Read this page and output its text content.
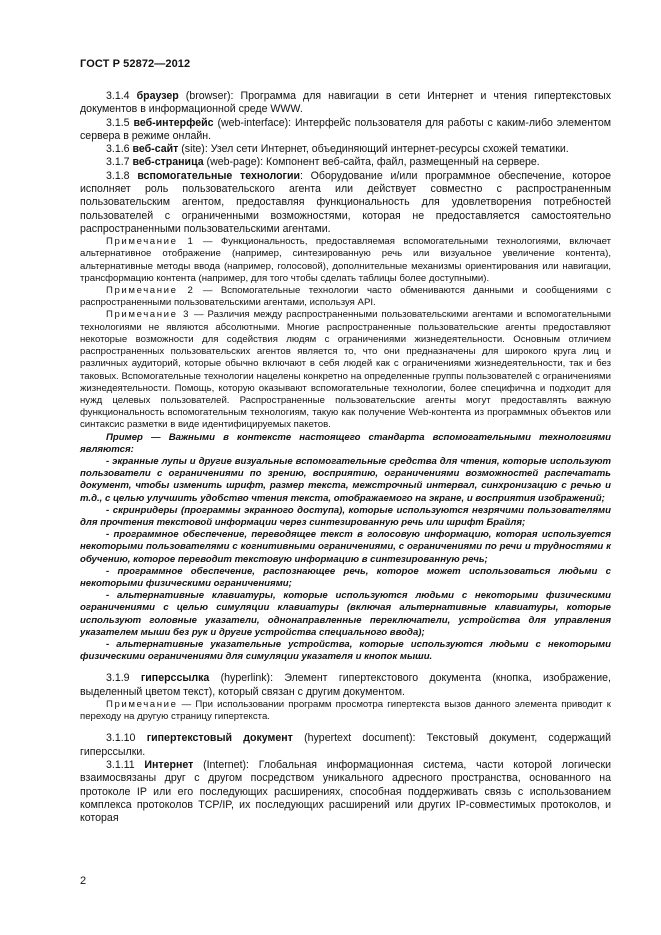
ГОСТ Р 52872—2012

3.1.4 браузер (browser): Программа для навигации в сети Интернет и чтения гипертекстовых документов в информационной среде WWW.

3.1.5 веб-интерфейс (web-interface): Интерфейс пользователя для работы с каким-либо элементом сервера в режиме онлайн.

3.1.6 веб-сайт (site): Узел сети Интернет, объединяющий интернет-ресурсы схожей тематики.

3.1.7 веб-страница (web-page): Компонент веб-сайта, файл, размещенный на сервере.

3.1.8 вспомогательные технологии: Оборудование и/или программное обеспечение, которое исполняет роль пользовательского агента или действует совместно с распространенным пользовательским агентом, предоставляя функциональность для удовлетворения потребностей пользователей с ограниченными возможностями, которая не предоставляется самостоятельно распространенными пользовательскими агентами.

Примечание 1 — Функциональность, предоставляемая вспомогательными технологиями, включает альтернативное отображение (например, синтезированную речь или визуальное увеличение контента), альтернативные методы ввода (например, голосовой), дополнительные механизмы ориентирования или навигации, трансформацию контента (например, для того чтобы сделать таблицы более доступными).

Примечание 2 — Вспомогательные технологии часто обмениваются данными и сообщениями с распространенными пользовательскими агентами, используя API.

Примечание 3 — Различия между распространенными пользовательскими агентами и вспомогательными технологиями не являются абсолютными. Многие распространенные пользовательские агенты предоставляют некоторые возможности для содействия людям с ограничениями жизнедеятельности. Основным отличием распространенных пользовательских агентов является то, что они предназначены для широкого круга лиц и различных аудиторий, которые обычно включают в себя людей как с ограничениями жизнедеятельности, так и без таковых. Вспомогательные технологии нацелены конкретно на определенные группы пользователей с ограничениями жизнедеятельности. Помощь, которую оказывают вспомогательные технологии, более специфична и подходит для нужд целевых пользователей. Распространенные пользовательские агенты могут предоставлять важную функциональность вспомогательным технологиям, такую как получение Web-контента из программных объектов или синтаксис разметки в виде идентифицируемых пакетов.

Пример — Важными в контексте настоящего стандарта вспомогательными технологиями являются:

- экранные лупы и другие визуальные вспомогательные средства для чтения, которые используют пользователи с ограничениями по зрению, восприятию, ограничениями возможностей распечатать документ, чтобы изменить шрифт, размер текста, межстрочный интервал, синхронизацию с речью и т.д., с целью улучшить удобство чтения текста, отображаемого на экране, и восприятия изображений;

- скринридеры (программы экранного доступа), которые используются незрячими пользователями для прочтения текстовой информации через синтезированную речь или шрифт Брайля;

- программное обеспечение, переводящее текст в голосовую информацию, которая используется некоторыми пользователями с когнитивными ограничениями, с ограничениями по речи и трудностями к обучению, которое переводит текстовую информацию в синтезированную речь;

- программное обеспечение, распознающее речь, которое может использоваться людьми с некоторыми физическими ограничениями;

- альтернативные клавиатуры, которые используются людьми с некоторыми физическими ограничениями с целью симуляции клавиатуры (включая альтернативные клавиатуры, которые используют головные указатели, однонаправленные переключатели, устройства для управления указателем мыши без рук и другие устройства специального ввода);

- альтернативные указательные устройства, которые используются людьми с некоторыми физическими ограничениями для симуляции указателя и кнопок мыши.

3.1.9 гиперссылка (hyperlink): Элемент гипертекстового документа (кнопка, изображение, выделенный цветом текст), который связан с другим документом.

Примечание — При использовании программ просмотра гипертекста вызов данного элемента приводит к переходу на другую страницу гипертекста.

3.1.10 гипертекстовый документ (hypertext document): Текстовый документ, содержащий гиперссылки.

3.1.11 Интернет (Internet): Глобальная информационная система, части которой логически взаимосвязаны друг с другом посредством уникального адресного пространства, основанного на протоколе IP или его последующих расширениях, способная поддерживать связь с использованием комплекса протоколов TCP/IP, их последующих расширений или других IP-совместимых протоколов, и которая

2
